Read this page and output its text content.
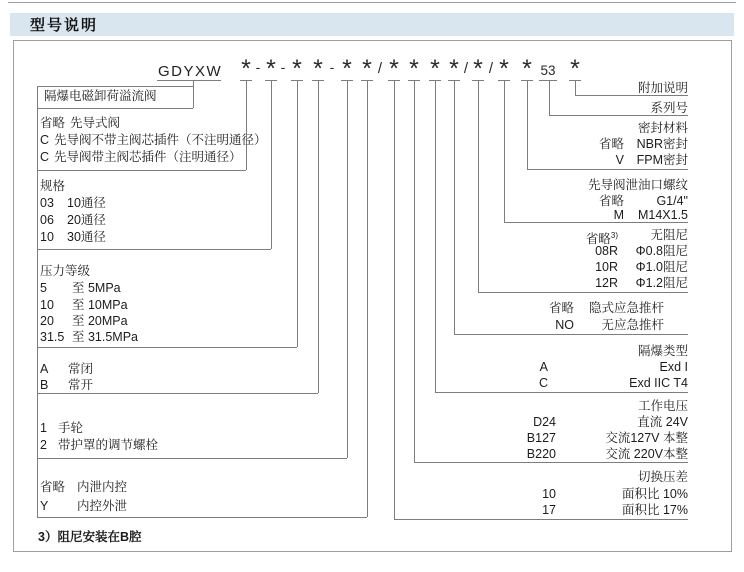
型号说明
GDYXW * - * - * * - * * / * * * * / * / * * 53 *
隔爆电磁卸荷溢流阀
省略 先导式阀
C 先导阀不带主阀芯插件（不注明通径）
C 先导阀带主阀芯插件（注明通径）
规格
03	10通径
06	20通径
10	30通径
压力等级
5	至 5MPa
10	至 10MPa
20	至 20MPa
31.5 至 31.5MPa
A	常闭
B	常开
1 手轮
2 带护罩的调节螺栓
省略 内泄内控
Y	内控外泄
附加说明
系列号
密封材料
省略	NBR密封
V	FPM密封
先导阀泄油口螺纹
省略	G1/4"
M	M14X1.5
省略$^{3)}$	无阻尼
08R	Φ0.8阻尼
10R	Φ1.0阻尼
12R	Φ1.2阻尼
省略	隐式应急推杆
NO	无应急推杆
隔爆类型
A	Exd I
C	Exd IIC T4
工作电压
D24	直流 24V
B127	交流127V 本整
B220	交流 220V本整
切换压差
10	面积比 10%
17	面积比 17%
3）阻尼安装在B腔
